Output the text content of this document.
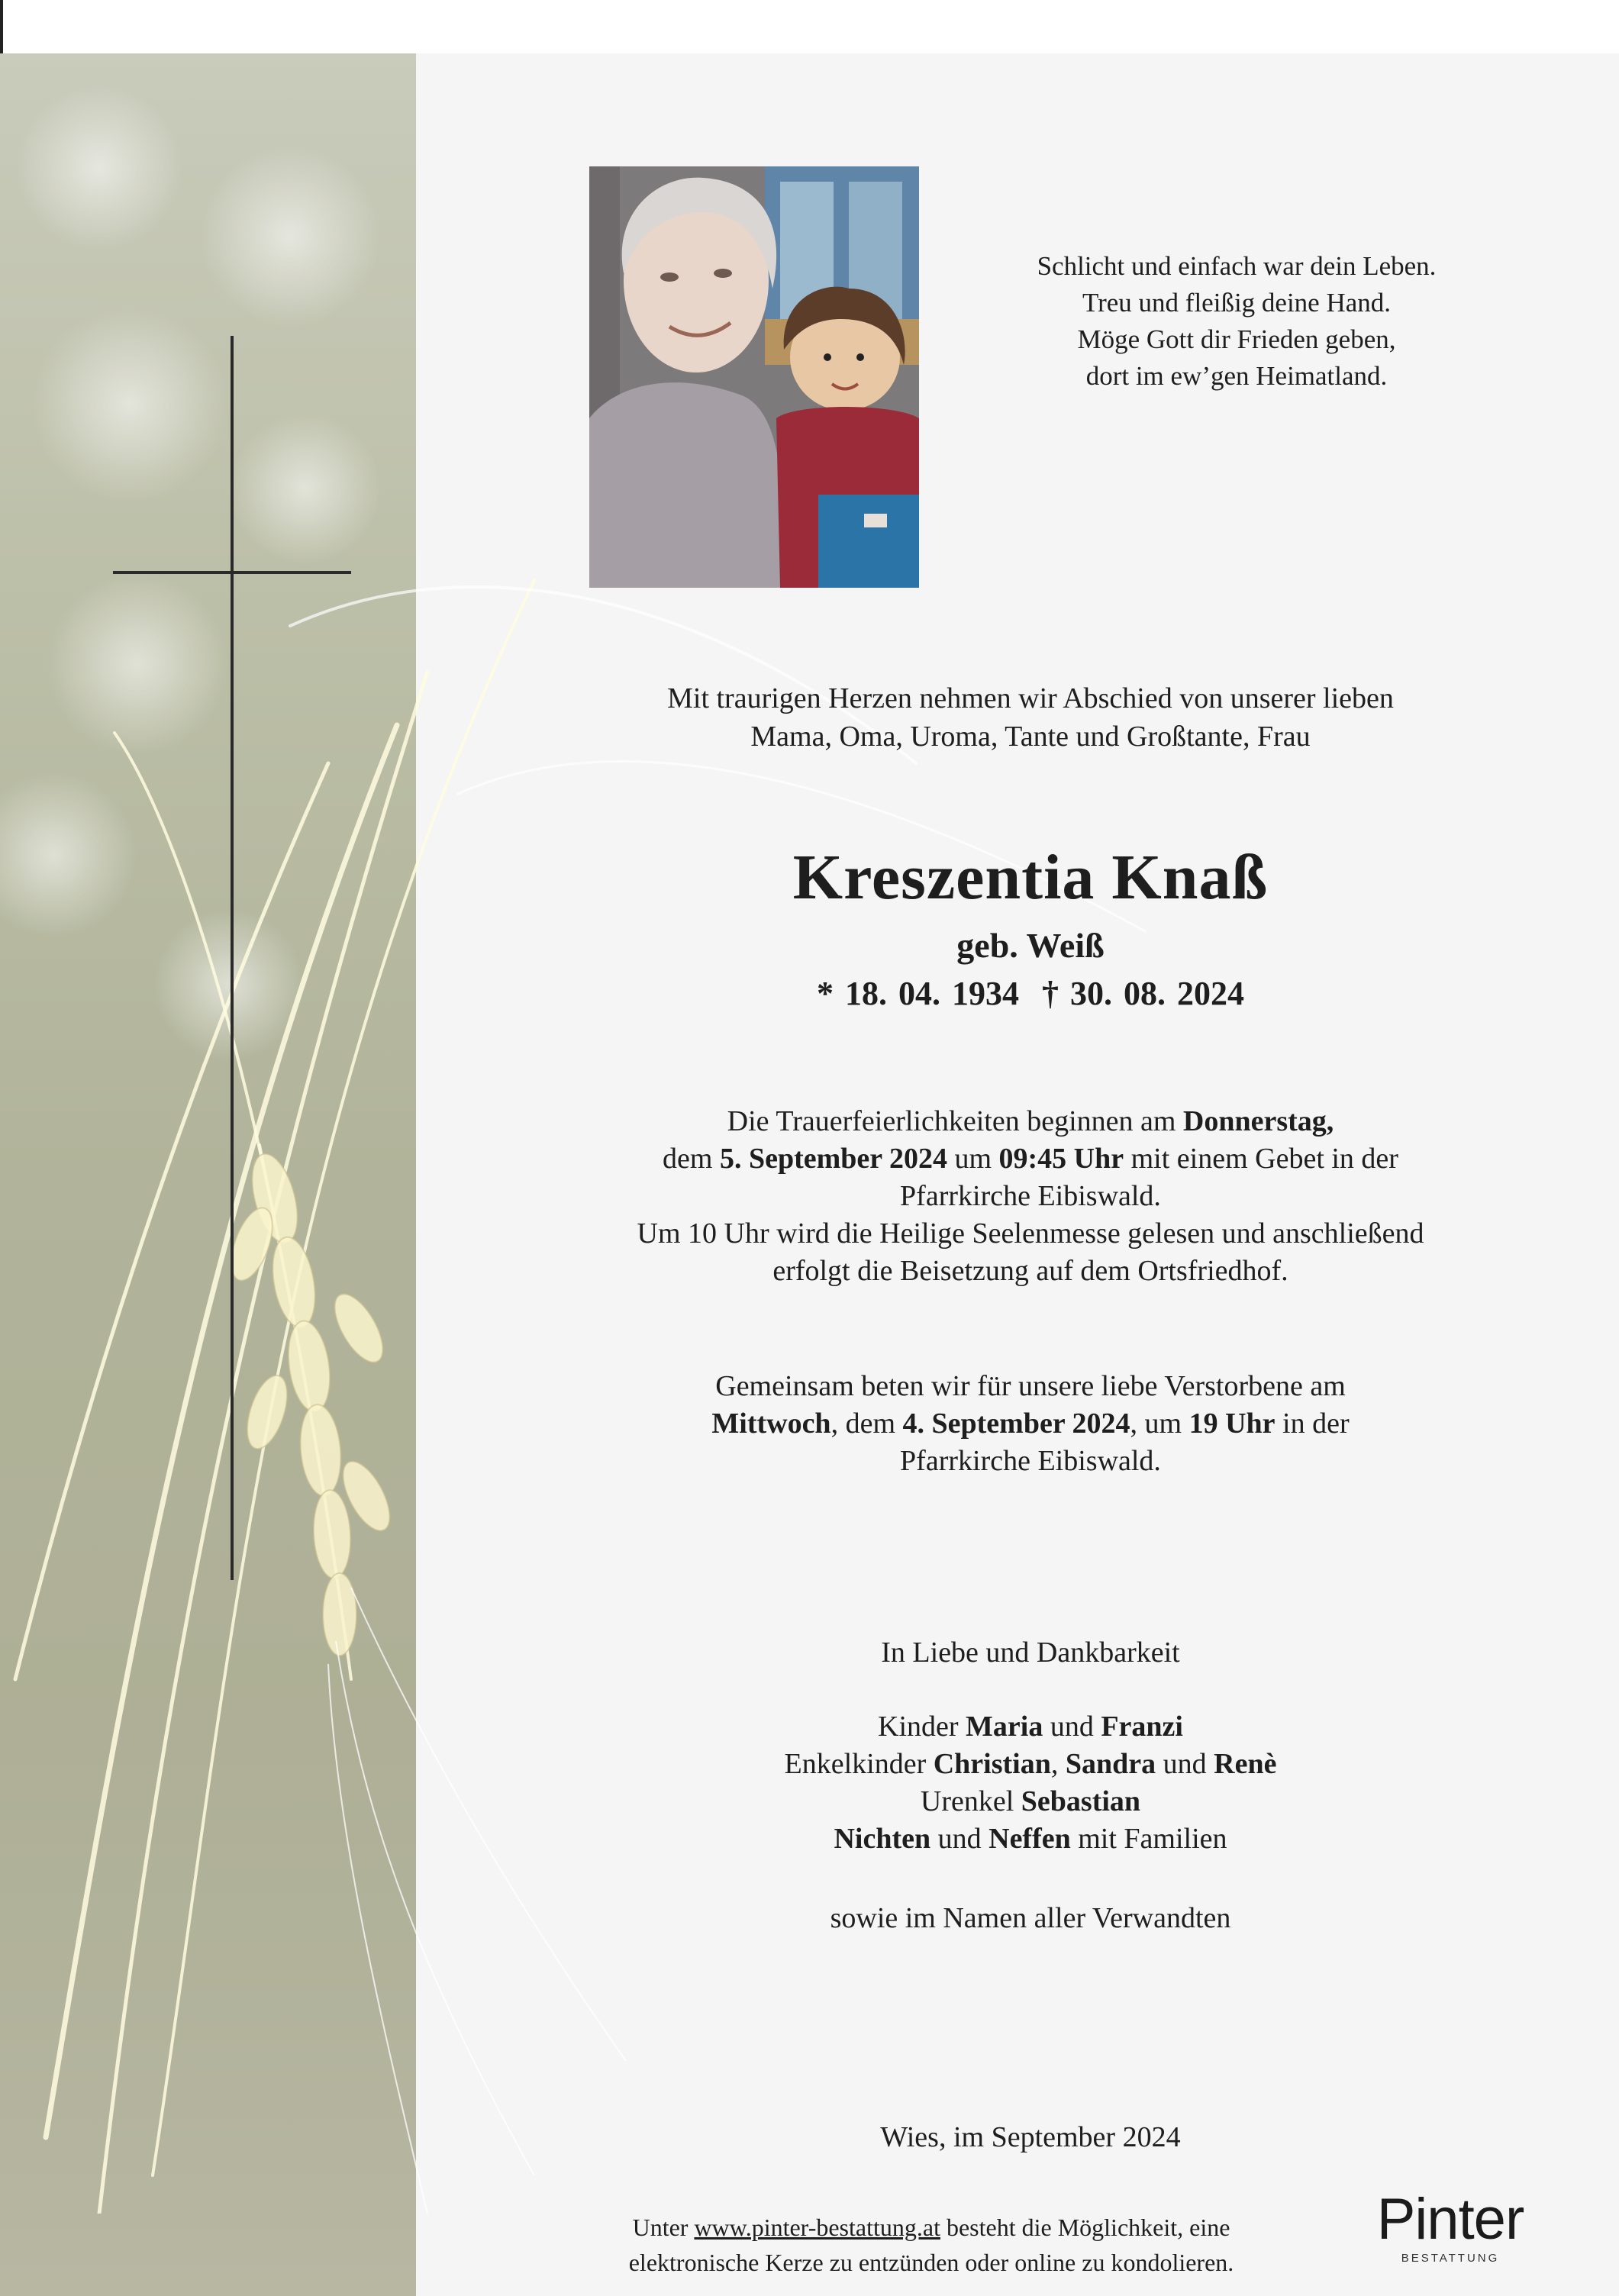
Schlicht und einfach war dein Leben.
Treu und fleißig deine Hand.
Möge Gott dir Frieden geben,
dort im ew’gen Heimatland.
Mit traurigen Herzen nehmen wir Abschied von unserer lieben
Mama, Oma, Uroma, Tante und Großtante, Frau
Kreszentia Knaß
geb. Weiß
* 18. 04. 1934 † 30. 08. 2024
Die Trauerfeierlichkeiten beginnen am Donnerstag,
dem 5. September 2024 um 09:45 Uhr mit einem Gebet in der
Pfarrkirche Eibiswald.
Um 10 Uhr wird die Heilige Seelenmesse gelesen und anschließend
erfolgt die Beisetzung auf dem Ortsfriedhof.
Gemeinsam beten wir für unsere liebe Verstorbene am
Mittwoch, dem 4. September 2024, um 19 Uhr in der
Pfarrkirche Eibiswald.
In Liebe und Dankbarkeit
Kinder Maria und Franzi
Enkelkinder Christian, Sandra und Renè
Urenkel Sebastian
Nichten und Neffen mit Familien
sowie im Namen aller Verwandten
Wies, im September 2024
Unter www.pinter-bestattung.at besteht die Möglichkeit, eine
elektronische Kerze zu entzünden oder online zu kondolieren.
Pinter
BESTATTUNG
